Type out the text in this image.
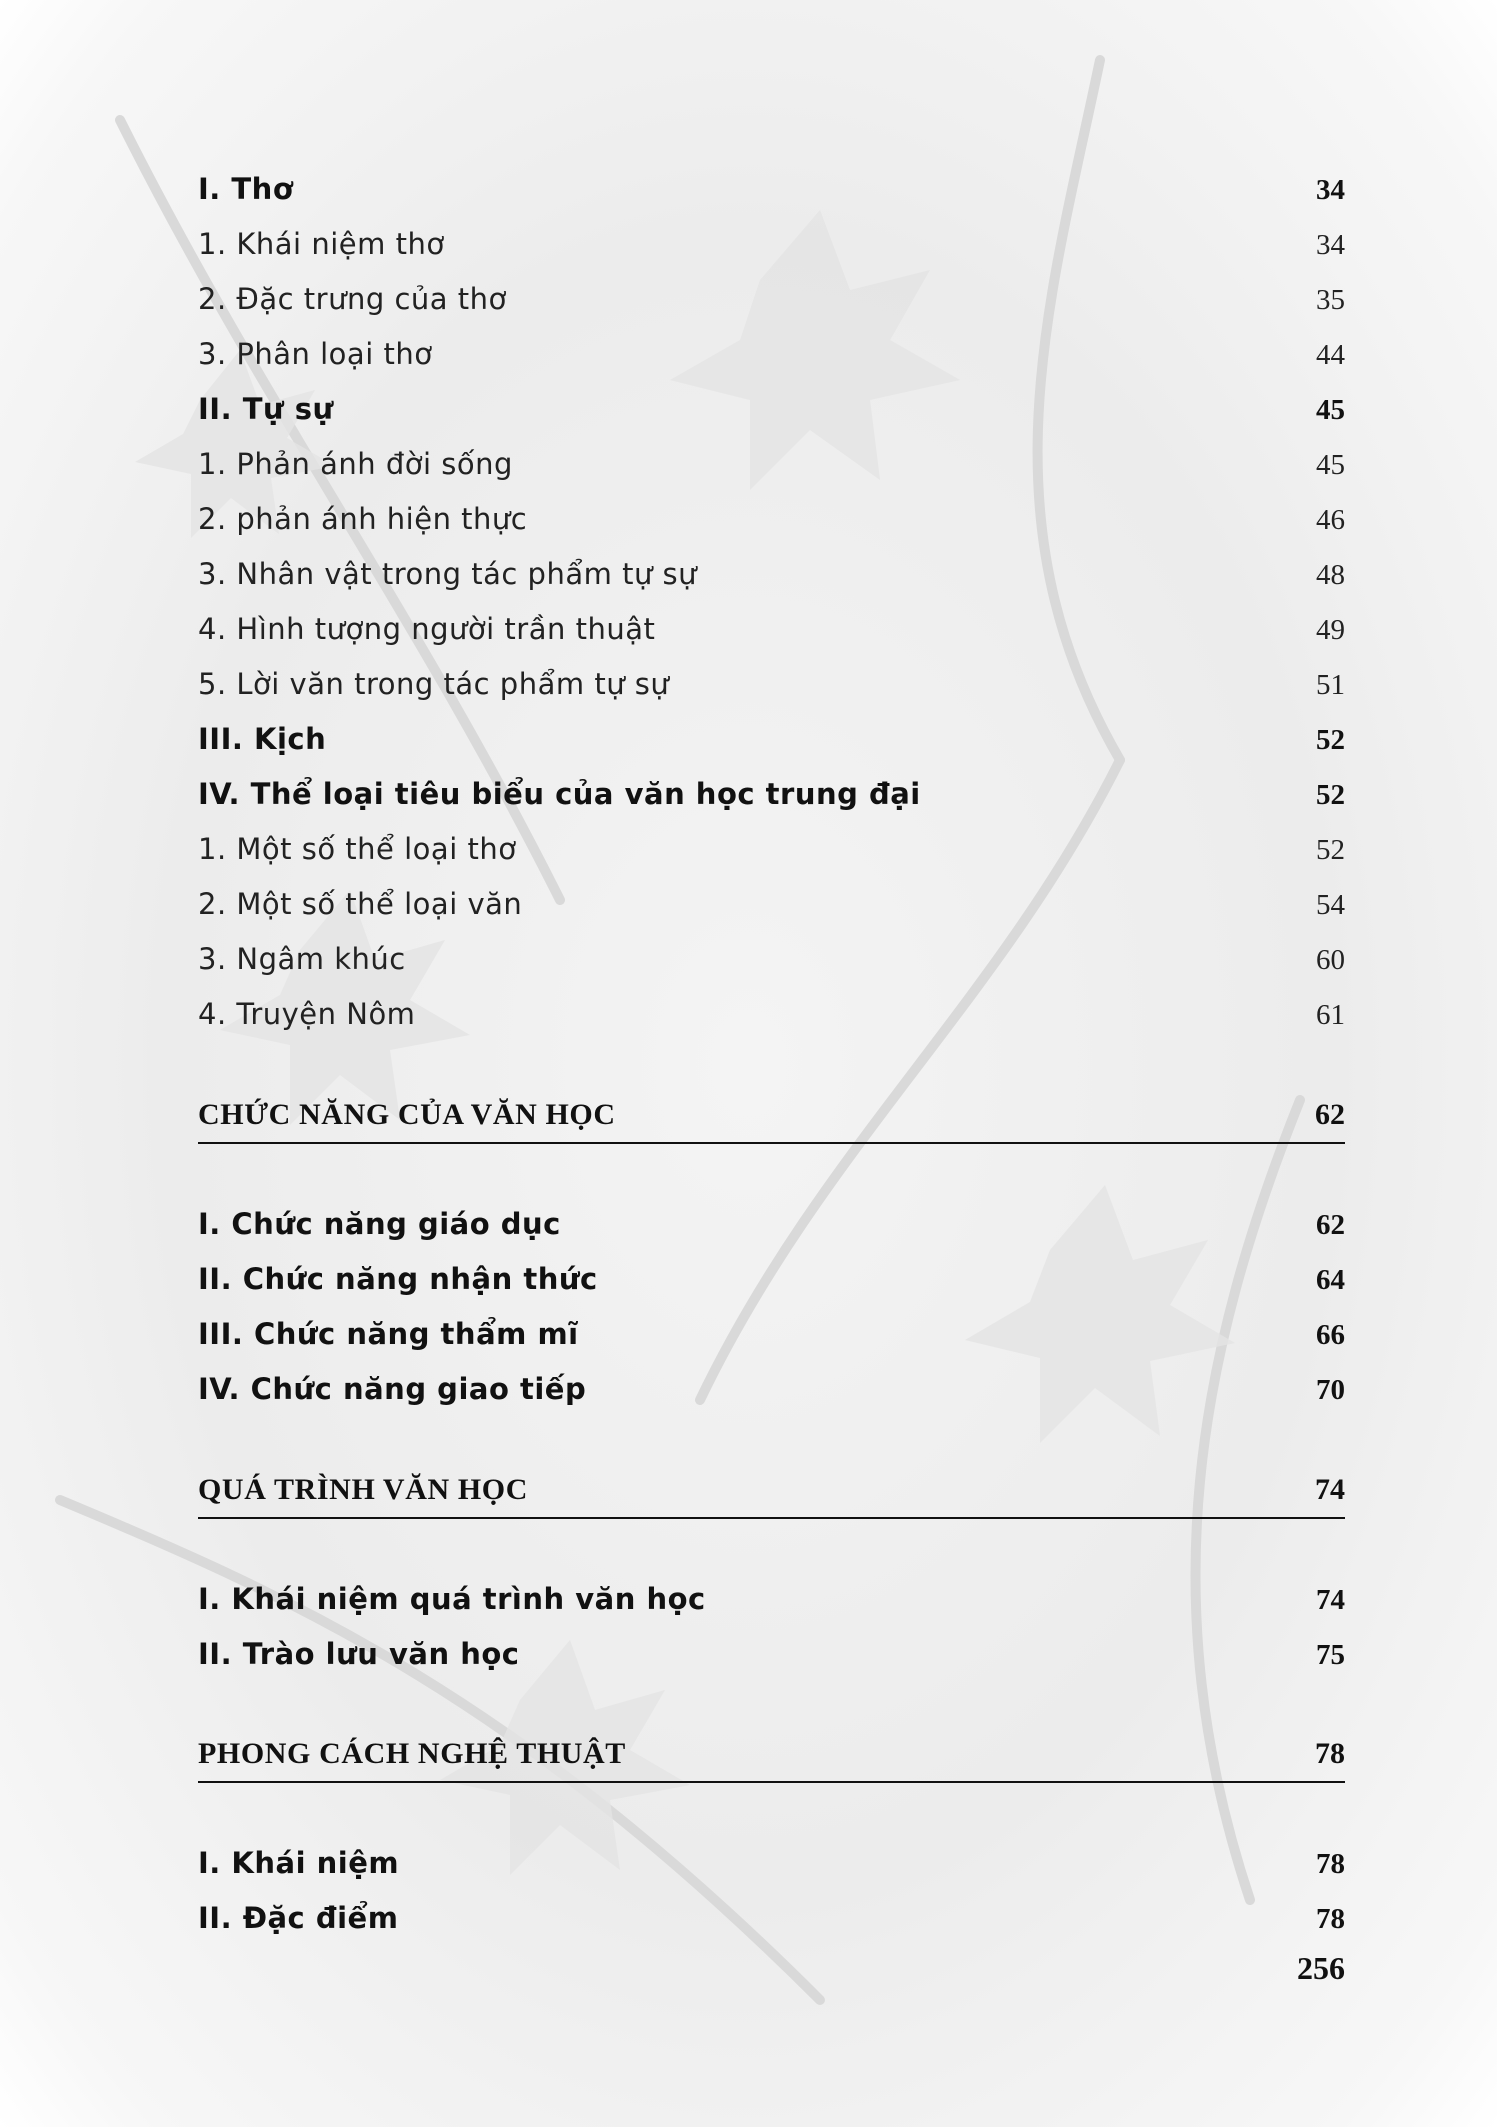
I. Thơ	34
1. Khái niệm thơ	34
2. Đặc trưng của thơ	35
3. Phân loại thơ	44
II. Tự sự	45
1. Phản ánh đời sống	45
2. phản ánh hiện thực	46
3. Nhân vật trong tác phẩm tự sự	48
4. Hình tượng người trần thuật	49
5. Lời văn trong tác phẩm tự sự	51
III. Kịch	52
IV. Thể loại tiêu biểu của văn học trung đại	52
1. Một số thể loại thơ	52
2. Một số thể loại văn	54
3. Ngâm khúc	60
4. Truyện Nôm	61
CHỨC NĂNG CỦA VĂN HỌC	62
I. Chức năng giáo dục	62
II. Chức năng nhận thức	64
III. Chức năng thẩm mĩ	66
IV. Chức năng giao tiếp	70
QUÁ TRÌNH VĂN HỌC	74
I. Khái niệm quá trình văn học	74
II. Trào lưu văn học	75
PHONG CÁCH NGHỆ THUẬT	78
I. Khái niệm	78
II. Đặc điểm	78
256
